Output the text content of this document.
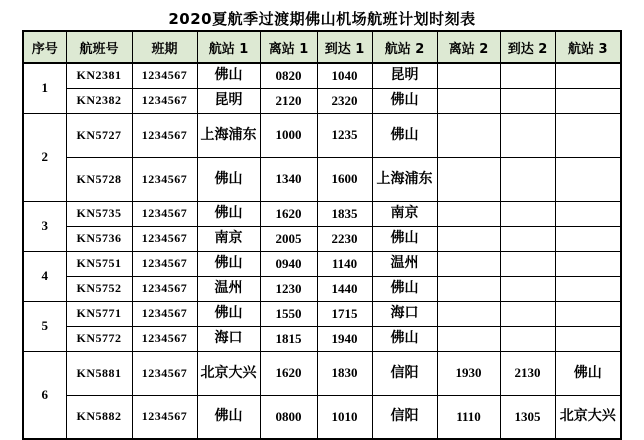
2020夏航季过渡期佛山机场航班计划时刻表
序号	航班号	班期	航站 1	离站 1	到达 1	航站 2	离站 2	到达 2	航站 3
1	KN2381	1234567	佛山	0820	1040	昆明			
	KN2382	1234567	昆明	2120	2320	佛山			
2	KN5727	1234567	上海浦东	1000	1235	佛山			
	KN5728	1234567	佛山	1340	1600	上海浦东			
3	KN5735	1234567	佛山	1620	1835	南京			
	KN5736	1234567	南京	2005	2230	佛山			
4	KN5751	1234567	佛山	0940	1140	温州			
	KN5752	1234567	温州	1230	1440	佛山			
5	KN5771	1234567	佛山	1550	1715	海口			
	KN5772	1234567	海口	1815	1940	佛山			
6	KN5881	1234567	北京大兴	1620	1830	信阳	1930	2130	佛山
	KN5882	1234567	佛山	0800	1010	信阳	1110	1305	北京大兴
